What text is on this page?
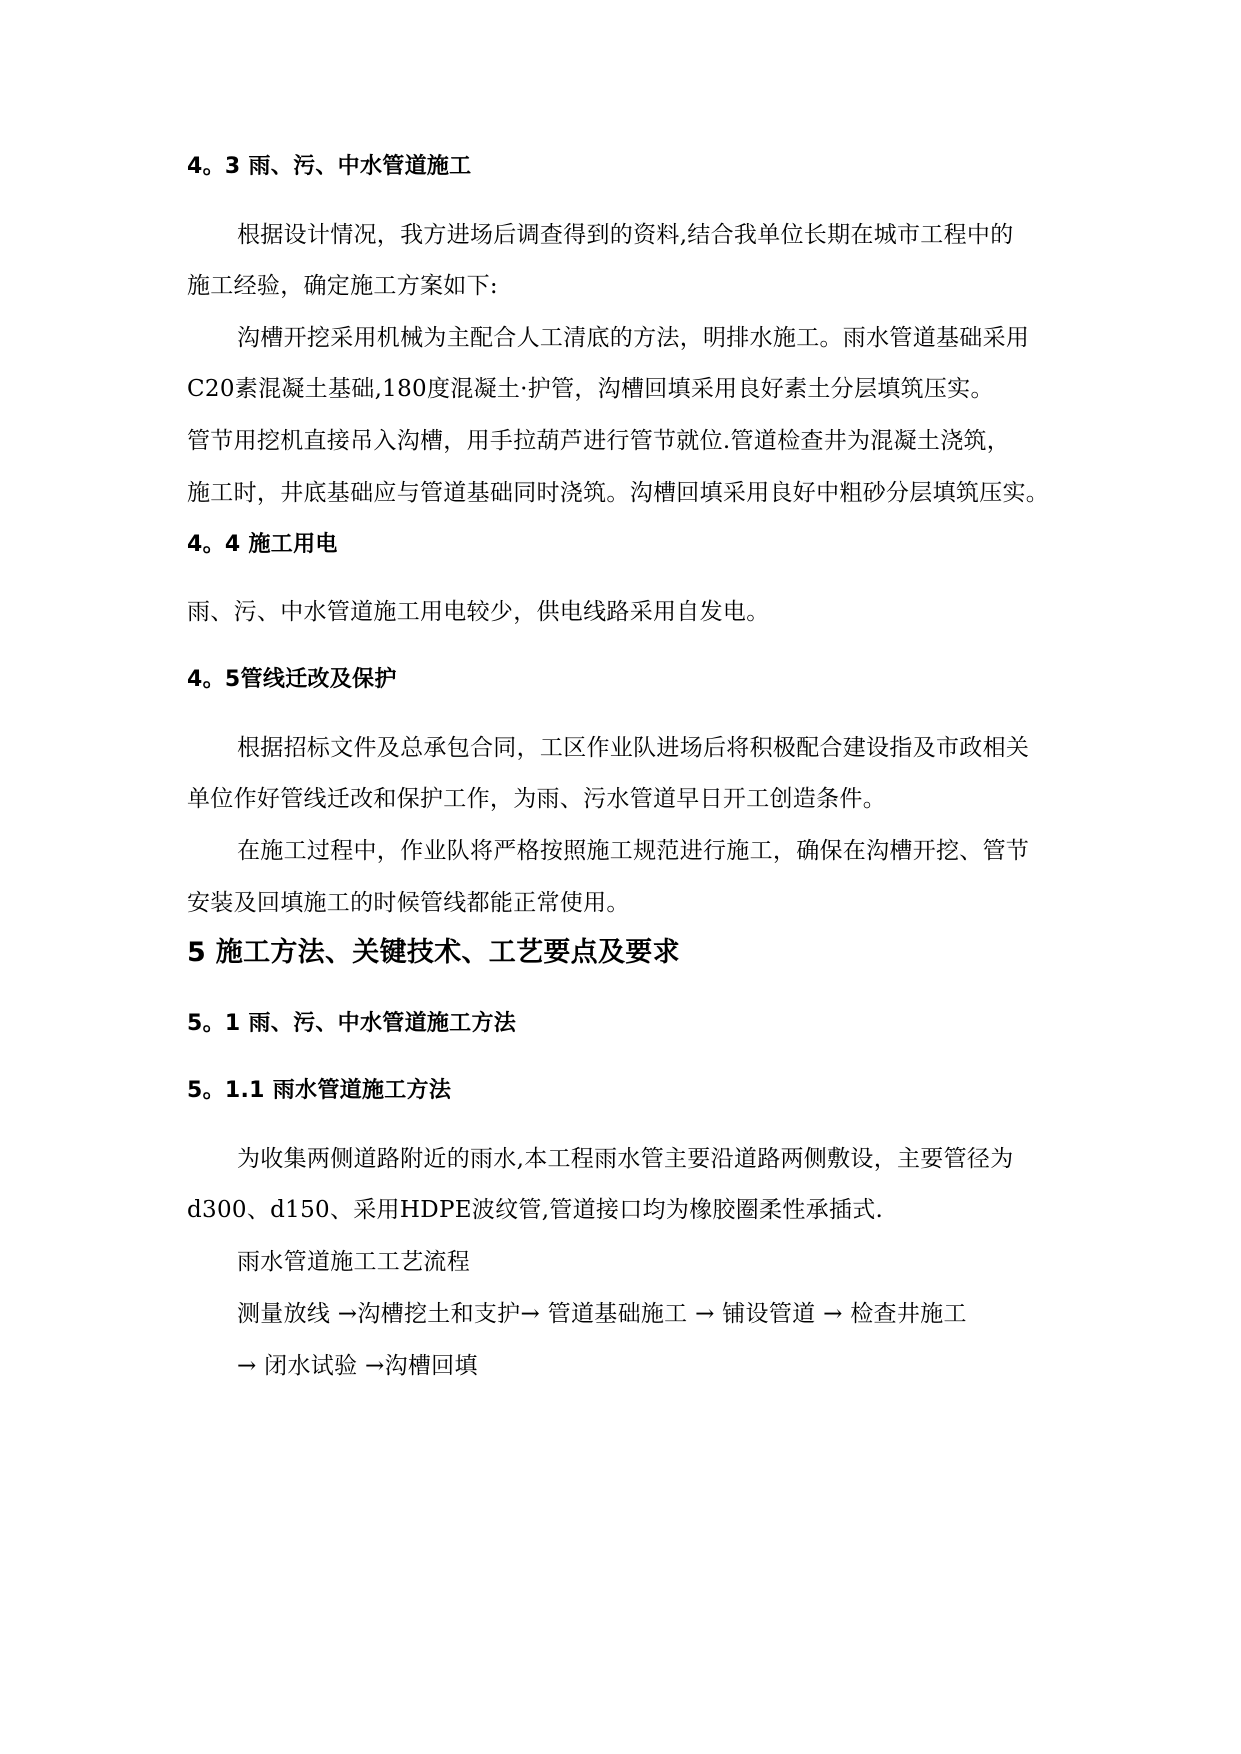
4。3 雨、污、中水管道施工
根据设计情况，我方进场后调查得到的资料,结合我单位长期在城市工程中的
施工经验，确定施工方案如下:
沟槽开挖采用机械为主配合人工清底的方法，明排水施工。雨水管道基础采用
C20素混凝土基础,180度混凝土·护管，沟槽回填采用良好素土分层填筑压实。
管节用挖机直接吊入沟槽，用手拉葫芦进行管节就位.管道检查井为混凝土浇筑，
施工时，井底基础应与管道基础同时浇筑。沟槽回填采用良好中粗砂分层填筑压实。
4。4 施工用电
雨、污、中水管道施工用电较少，供电线路采用自发电。
4。5管线迁改及保护
根据招标文件及总承包合同，工区作业队进场后将积极配合建设指及市政相关
单位作好管线迁改和保护工作，为雨、污水管道早日开工创造条件。
在施工过程中，作业队将严格按照施工规范进行施工，确保在沟槽开挖、管节
安装及回填施工的时候管线都能正常使用。
5 施工方法、关键技术、工艺要点及要求
5。1 雨、污、中水管道施工方法
5。1.1 雨水管道施工方法
为收集两侧道路附近的雨水,本工程雨水管主要沿道路两侧敷设，主要管径为
d300、d150、采用HDPE波纹管,管道接口均为橡胶圈柔性承插式.
雨水管道施工工艺流程
测量放线 →沟槽挖土和支护→ 管道基础施工 → 铺设管道 → 检查井施工
→ 闭水试验 →沟槽回填
